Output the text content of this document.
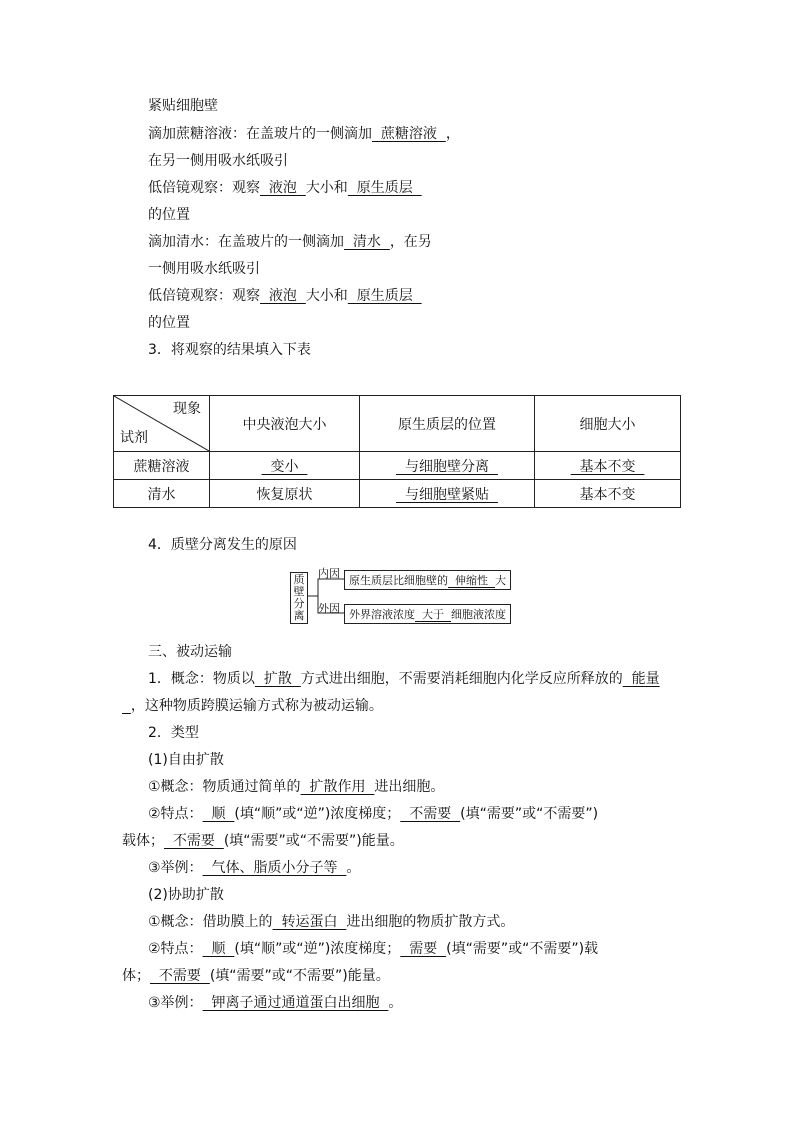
紧贴细胞壁
滴加蔗糖溶液：在盖玻片的一侧滴加  蔗糖溶液  ，
在另一侧用吸水纸吸引
低倍镜观察：观察  液泡  大小和  原生质层
的位置
滴加清水：在盖玻片的一侧滴加  清水  ，在另
一侧用吸水纸吸引
低倍镜观察：观察  液泡  大小和  原生质层
的位置
3．将观察的结果填入下表
现象
试剂	中央液泡大小	原生质层的位置	细胞大小
蔗糖溶液	变小	与细胞壁分离	基本不变
清水	恢复原状	与细胞壁紧贴	基本不变
4．质壁分离发生的原因
质
壁
分
离
内因
原生质层比细胞壁的  伸缩性  大
外因 外界溶液浓度  大于  细胞液浓度
三、被动运输
1．概念：物质以  扩散  方式进出细胞，不需要消耗细胞内化学反应所释放的  能量
，这种物质跨膜运输方式称为被动运输。
2．类型
(1)自由扩散
①概念：物质通过简单的  扩散作用  进出细胞。
②特点：  顺  (填“顺”或“逆”)浓度梯度；  不需要  (填“需要”或“不需要”)
载体；  不需要  (填“需要”或“不需要”)能量。
③举例：  气体、脂质小分子等  。
(2)协助扩散
①概念：借助膜上的  转运蛋白  进出细胞的物质扩散方式。
②特点：  顺  (填“顺”或“逆”)浓度梯度；  需要  (填“需要”或“不需要”)载
体；  不需要  (填“需要”或“不需要”)能量。
③举例：  钾离子通过通道蛋白出细胞  。
